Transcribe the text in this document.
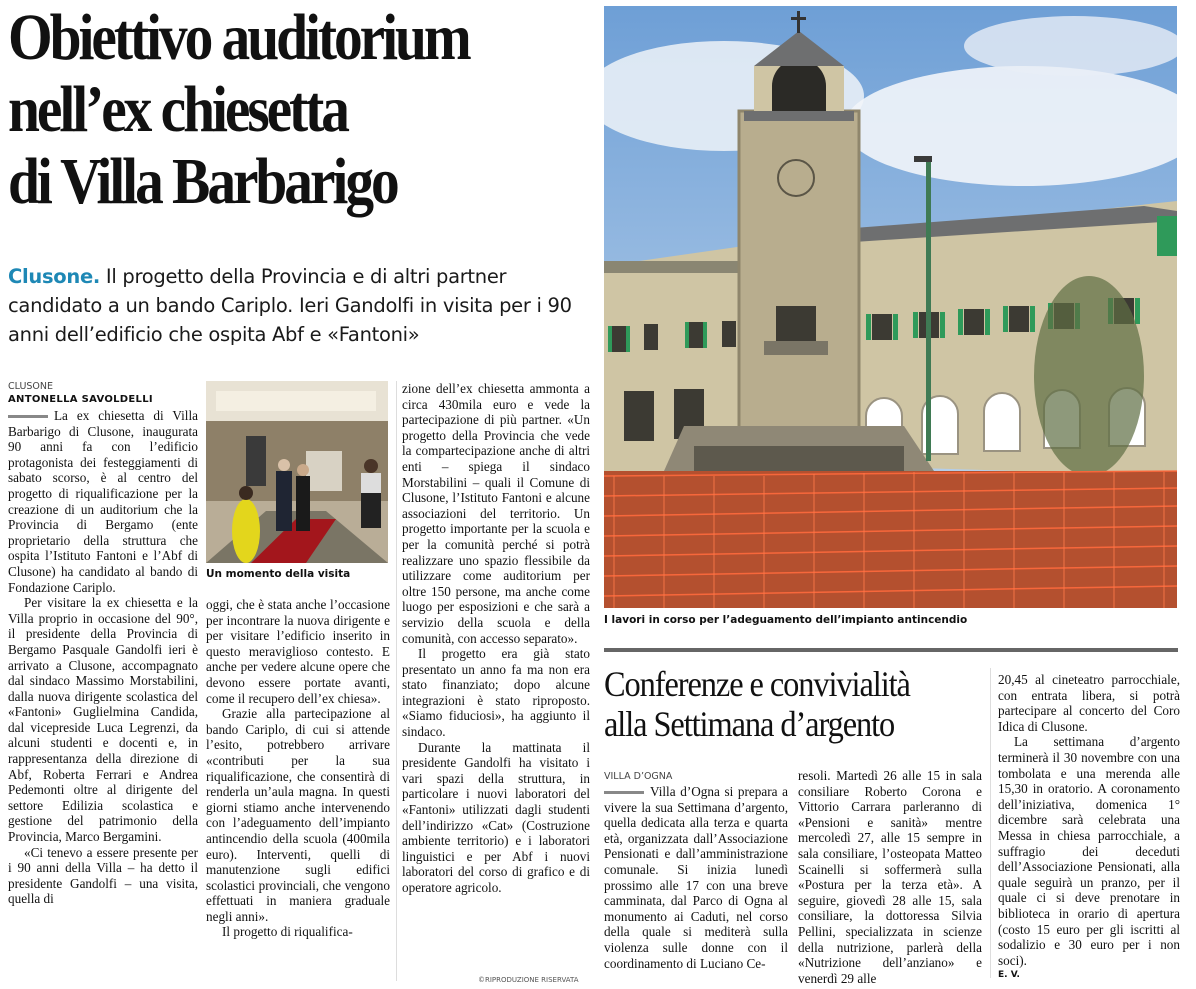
Obiettivo auditorium
nell’ex chiesetta
di Villa Barbarigo
Clusone. Il progetto della Provincia e di altri partner candidato a un bando Cariplo. Ieri Gandolfi in visita per i 90 anni dell’edificio che ospita Abf e «Fantoni»
CLUSONE
ANTONELLA SAVOLDELLI

La ex chiesetta di Villa Barbarigo di Clusone, inaugurata 90 anni fa con l’edificio protagonista dei festeggiamenti di sabato scorso, è al centro del progetto di riqualificazione per la creazione di un auditorium che la Provincia di Bergamo (ente proprietario della struttura che ospita l’Istituto Fantoni e l’Abf di Clusone) ha candidato al bando di Fondazione Cariplo.

Per visitare la ex chiesetta e la Villa proprio in occasione del 90°, il presidente della Provincia di Bergamo Pasquale Gandolfi ieri è arrivato a Clusone, accompagnato dal sindaco Massimo Morstabilini, dalla nuova dirigente scolastica del «Fantoni» Guglielmina Candida, dal vicepreside Luca Legrenzi, da alcuni studenti e docenti e, in rappresentanza della direzione di Abf, Roberta Ferrari e Andrea Pedemonti oltre al dirigente del settore Edilizia scolastica e gestione del patrimonio della Provincia, Marco Bergamini.

«Ci tenevo a essere presente per i 90 anni della Villa – ha detto il presidente Gandolfi – una visita, quella di

Un momento della visita

oggi, che è stata anche l’occasione per incontrare la nuova dirigente e per visitare l’edificio inserito in questo meraviglioso contesto. E anche per vedere alcune opere che devono essere portate avanti, come il recupero dell’ex chiesa».

Grazie alla partecipazione al bando Cariplo, di cui si attende l’esito, potrebbero arrivare «contributi per la sua riqualificazione, che consentirà di renderla un’aula magna. In questi giorni stiamo anche intervenendo con l’adeguamento dell’impianto antincendio della scuola (400mila euro). Interventi, quelli di manutenzione sugli edifici scolastici provinciali, che vengono effettuati in maniera graduale negli anni».

Il progetto di riqualifica-

zione dell’ex chiesetta ammonta a circa 430mila euro e vede la partecipazione di più partner. «Un progetto della Provincia che vede la compartecipazione anche di altri enti – spiega il sindaco Morstabilini – quali il Comune di Clusone, l’Istituto Fantoni e alcune associazioni del territorio. Un progetto importante per la scuola e per la comunità perché si potrà realizzare uno spazio flessibile da utilizzare come auditorium per oltre 150 persone, ma anche come luogo per esposizioni e che sarà a servizio della scuola e della comunità, con accesso separato».

Il progetto era già stato presentato un anno fa ma non era stato finanziato; dopo alcune integrazioni è stato riproposto. «Siamo fiduciosi», ha aggiunto il sindaco.

Durante la mattinata il presidente Gandolfi ha visitato i vari spazi della struttura, in particolare i nuovi laboratori del «Fantoni» utilizzati dagli studenti dell’indirizzo «Cat» (Costruzione ambiente territorio) e i laboratori linguistici e per Abf i nuovi laboratori del corso di grafico e di operatore agricolo.

©RIPRODUZIONE RISERVATA
I lavori in corso per l’adeguamento dell’impianto antincendio
Conferenze e convivialità
alla Settimana d’argento
VILLA D’OGNA

Villa d’Ogna si prepara a vivere la sua Settimana d’argento, quella dedicata alla terza e quarta età, organizzata dall’Associazione Pensionati e dall’amministrazione comunale. Si inizia lunedì prossimo alle 17 con una breve camminata, dal Parco di Ogna al monumento ai Caduti, nel corso della quale si mediterà sulla violenza sulle donne con il coordinamento di Luciano Ce-

resoli. Martedì 26 alle 15 in sala consiliare Roberto Corona e Vittorio Carrara parleranno di «Pensioni e sanità» mentre mercoledì 27, alle 15 sempre in sala consiliare, l’osteopata Matteo Scainelli si soffermerà sulla «Postura per la terza età». A seguire, giovedì 28 alle 15, sala consiliare, la dottoressa Silvia Pellini, specializzata in scienze della nutrizione, parlerà della «Nutrizione dell’anziano» e venerdì 29 alle

20,45 al cineteatro parrocchiale, con entrata libera, si potrà partecipare al concerto del Coro Idica di Clusone.

La settimana d’argento terminerà il 30 novembre con una tombolata e una merenda alle 15,30 in oratorio. A coronamento dell’iniziativa, domenica 1° dicembre sarà celebrata una Messa in chiesa parrocchiale, a suffragio dei deceduti dell’Associazione Pensionati, alla quale seguirà un pranzo, per il quale ci si deve prenotare in biblioteca in orario di apertura (costo 15 euro per gli iscritti al sodalizio e 30 euro per i non soci).

E. V.
